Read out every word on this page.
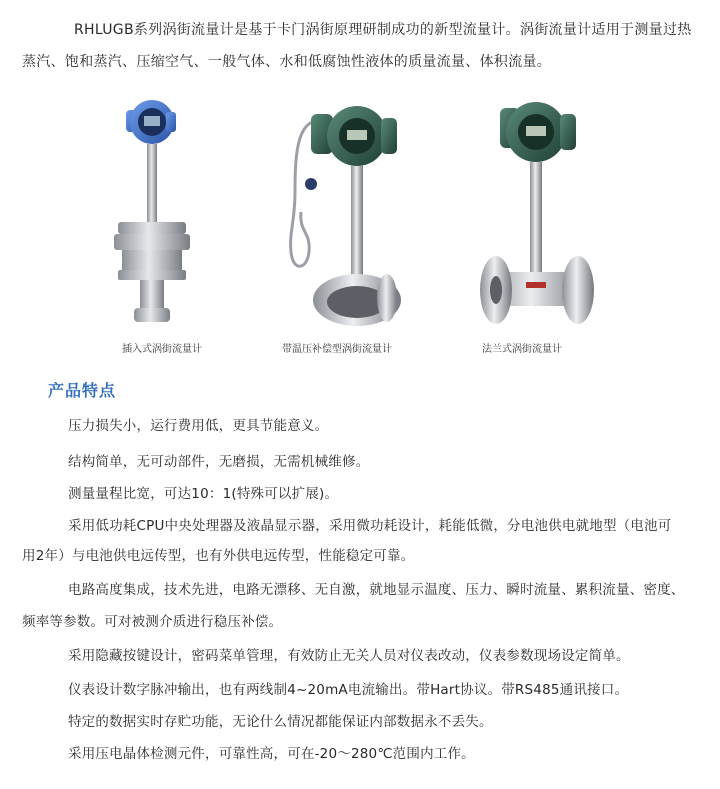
RHLUGB系列涡街流量计是基于卡门涡街原理研制成功的新型流量计。涡街流量计适用于测量过热

蒸汽、饱和蒸汽、压缩空气、一般气体、水和低腐蚀性液体的质量流量、体积流量。

插入式涡街流量计	带温压补偿型涡街流量计	法兰式涡街流量计
产品特点

压力损失小，运行费用低，更具节能意义。

结构简单，无可动部件，无磨损，无需机械维修。

测量量程比宽，可达10：1(特殊可以扩展)。

采用低功耗CPU中央处理器及液晶显示器，采用微功耗设计，耗能低微，分电池供电就地型（电池可

用2年）与电池供电远传型，也有外供电远传型，性能稳定可靠。

电路高度集成，技术先进，电路无漂移、无自激，就地显示温度、压力、瞬时流量、累积流量、密度、

频率等参数。可对被测介质进行稳压补偿。

采用隐藏按键设计，密码菜单管理，有效防止无关人员对仪表改动，仪表参数现场设定简单。

仪表设计数字脉冲输出，也有两线制4~20mA电流输出。带Hart协议。带RS485通讯接口。

特定的数据实时存贮功能，无论什么情况都能保证内部数据永不丢失。

采用压电晶体检测元件，可靠性高，可在-20～280℃范围内工作。
